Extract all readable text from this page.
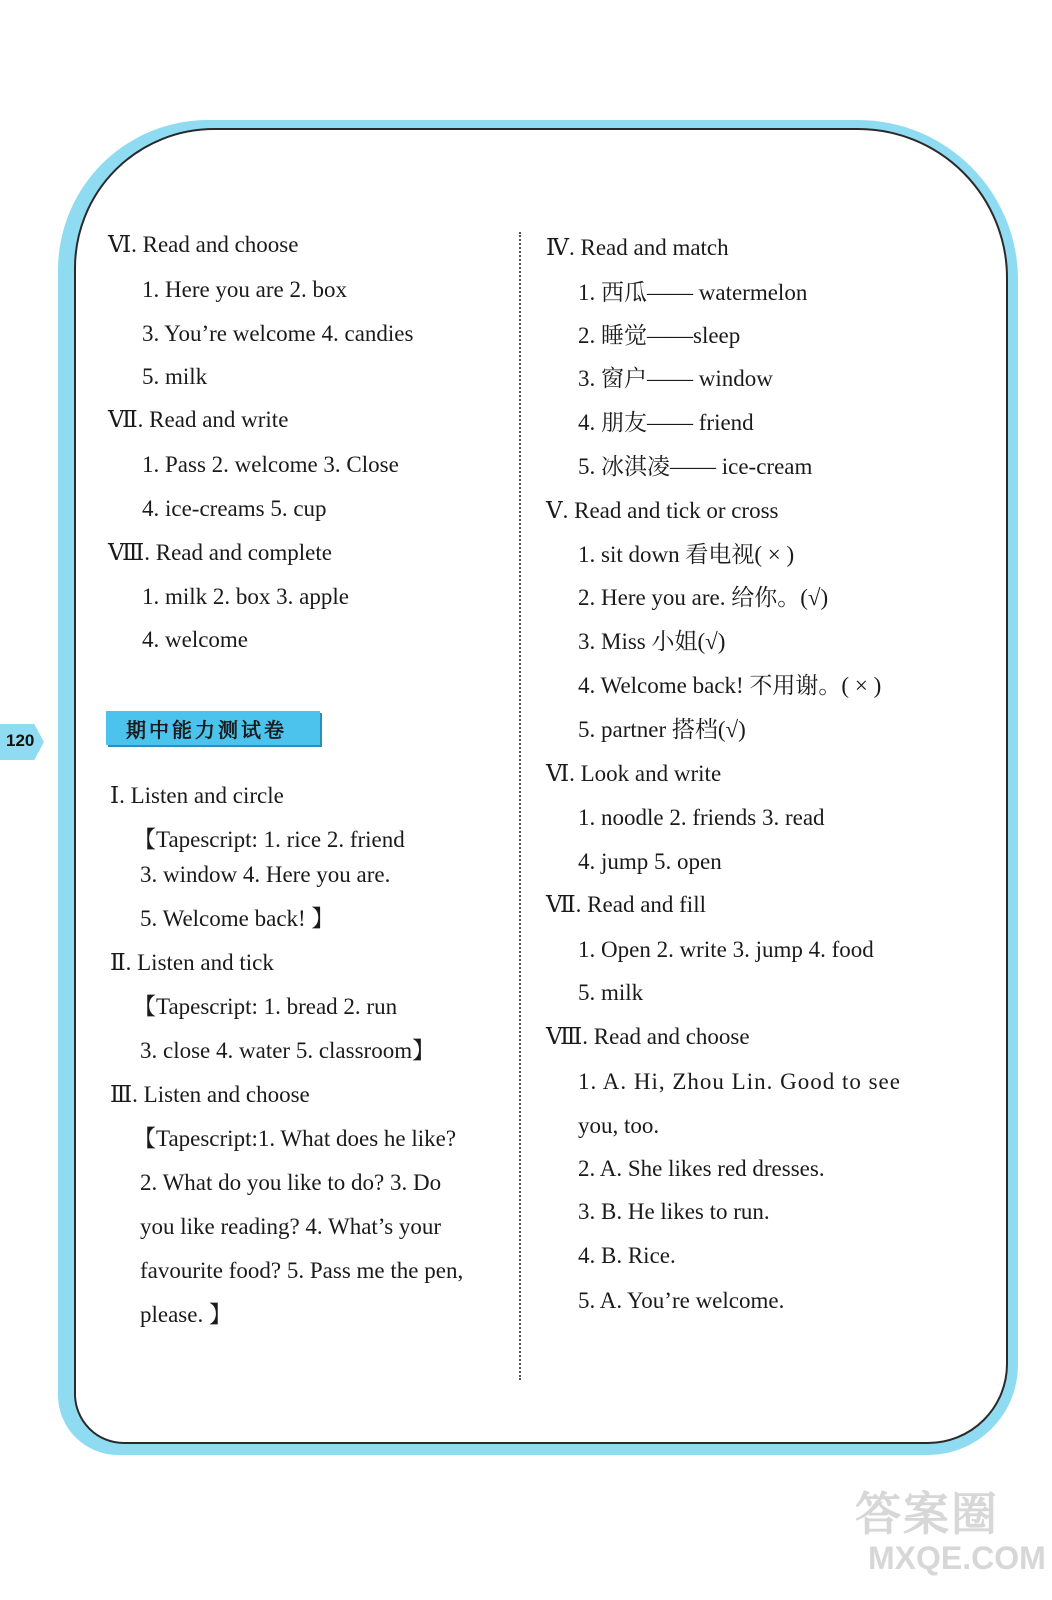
120
Ⅵ. Read and choose
1. Here you are 2. box
3. You’re welcome 4. candies
5. milk
Ⅶ. Read and write
1. Pass 2. welcome 3. Close
4. ice-creams 5. cup
Ⅷ. Read and complete
1. milk 2. box 3. apple
4. welcome
期中能力测试卷
Ⅰ. Listen and circle
【Tapescript: 1. rice 2. friend
3. window 4. Here you are.
5. Welcome back! 】
Ⅱ. Listen and tick
【Tapescript: 1. bread 2. run
3. close 4. water 5. classroom】
Ⅲ. Listen and choose
【Tapescript:1. What does he like?
2. What do you like to do? 3. Do
you like reading? 4. What’s your
favourite food? 5. Pass me the pen,
please. 】
Ⅳ. Read and match
1. 西瓜—— watermelon
2. 睡觉——sleep
3. 窗户—— window
4. 朋友—— friend
5. 冰淇凌—— ice-cream
Ⅴ. Read and tick or cross
1. sit down 看电视( × )
2. Here you are. 给你。(√)
3. Miss 小姐(√)
4. Welcome back! 不用谢。( × )
5. partner 搭档(√)
Ⅵ. Look and write
1. noodle 2. friends 3. read
4. jump 5. open
Ⅶ. Read and fill
1. Open 2. write 3. jump 4. food
5. milk
Ⅷ. Read and choose
1. A. Hi, Zhou Lin. Good to see
you, too.
2. A. She likes red dresses.
3. B. He likes to run.
4. B. Rice.
5. A. You’re welcome.
答案圈
MXQE.COM
